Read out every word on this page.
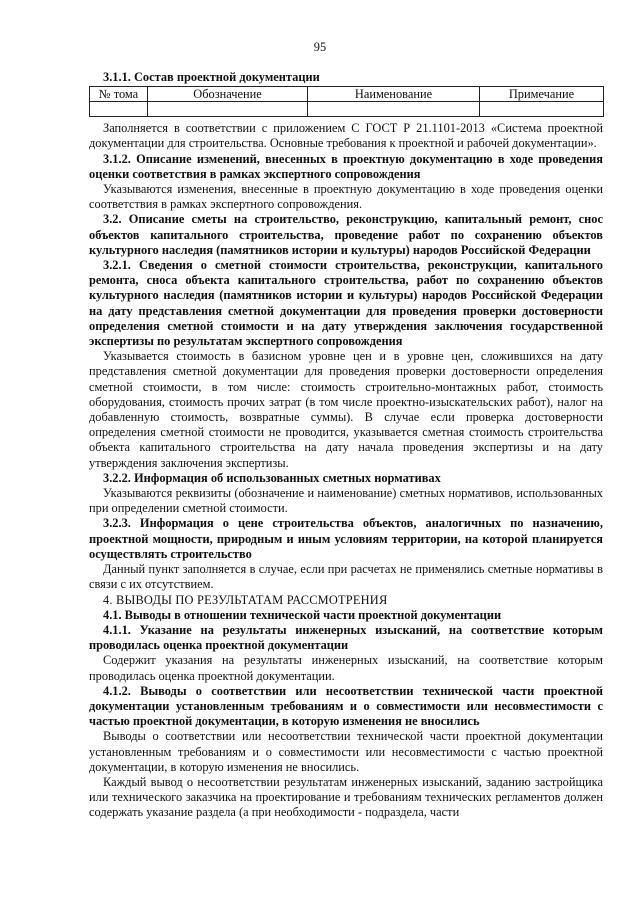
95

3.1.1. Состав проектной документации

№ тома	Обозначение	Наименование	Примечание

Заполняется в соответствии с приложением С ГОСТ Р 21.1101-2013 «Система проектной документации для строительства. Основные требования к проектной и рабочей документации».

3.1.2. Описание изменений, внесенных в проектную документацию в ходе проведения оценки соответствия в рамках экспертного сопровождения

Указываются изменения, внесенные в проектную документацию в ходе проведения оценки соответствия в рамках экспертного сопровождения.

3.2. Описание сметы на строительство, реконструкцию, капитальный ремонт, снос объектов капитального строительства, проведение работ по сохранению объектов культурного наследия (памятников истории и культуры) народов Российской Федерации

3.2.1. Сведения о сметной стоимости строительства, реконструкции, капитального ремонта, сноса объекта капитального строительства, работ по сохранению объектов культурного наследия (памятников истории и культуры) народов Российской Федерации на дату представления сметной документации для проведения проверки достоверности определения сметной стоимости и на дату утверждения заключения государственной экспертизы по результатам экспертного сопровождения

Указывается стоимость в базисном уровне цен и в уровне цен, сложившихся на дату представления сметной документации для проведения проверки достоверности определения сметной стоимости, в том числе: стоимость строительно-монтажных работ, стоимость оборудования, стоимость прочих затрат (в том числе проектно-изыскательских работ), налог на добавленную стоимость, возвратные суммы). В случае если проверка достоверности определения сметной стоимости не проводится, указывается сметная стоимость строительства объекта капитального строительства на дату начала проведения экспертизы и на дату утверждения заключения экспертизы.

3.2.2. Информация об использованных сметных нормативах

Указываются реквизиты (обозначение и наименование) сметных нормативов, использованных при определении сметной стоимости.

3.2.3. Информация о цене строительства объектов, аналогичных по назначению, проектной мощности, природным и иным условиям территории, на которой планируется осуществлять строительство

Данный пункт заполняется в случае, если при расчетах не применялись сметные нормативы в связи с их отсутствием.

4. ВЫВОДЫ ПО РЕЗУЛЬТАТАМ РАССМОТРЕНИЯ

4.1. Выводы в отношении технической части проектной документации

4.1.1. Указание на результаты инженерных изысканий, на соответствие которым проводилась оценка проектной документации

Содержит указания на результаты инженерных изысканий, на соответствие которым проводилась оценка проектной документации.

4.1.2. Выводы о соответствии или несоответствии технической части проектной документации установленным требованиям и о совместимости или несовместимости с частью проектной документации, в которую изменения не вносились

Выводы о соответствии или несоответствии технической части проектной документации установленным требованиям и о совместимости или несовместимости с частью проектной документации, в которую изменения не вносились.

Каждый вывод о несоответствии результатам инженерных изысканий, заданию застройщика или технического заказчика на проектирование и требованиям технических регламентов должен содержать указание раздела (а при необходимости - подраздела, части
